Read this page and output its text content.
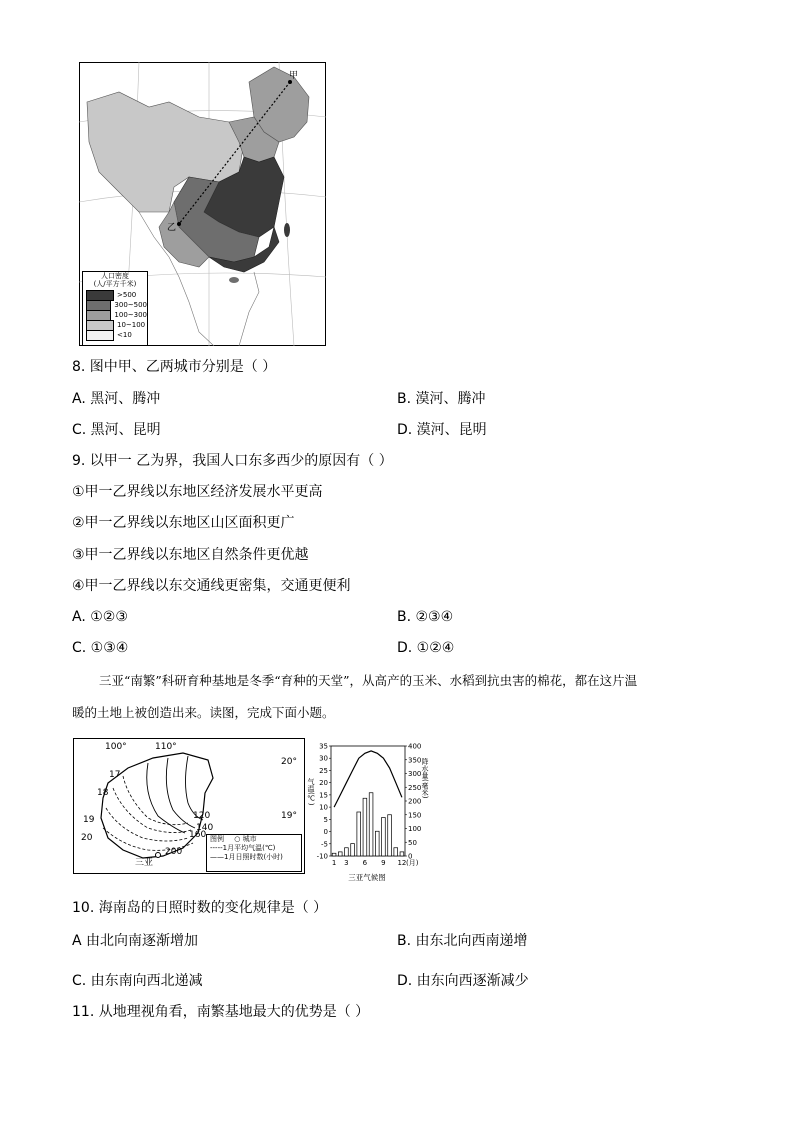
甲
乙
人口密度
(人/平方千米)
>500
300~500
100~300
10~100
<10
8. 图中甲、乙两城市分别是（ ）
A. 黑河、腾冲	B. 漠河、腾冲
C. 黑河、昆明	D. 漠河、昆明
9. 以甲一 乙为界，我国人口东多西少的原因有（ ）
①甲一乙界线以东地区经济发展水平更高
②甲一乙界线以东地区山区面积更广
③甲一乙界线以东地区自然条件更优越
④甲一乙界线以东交通线更密集，交通更便利
A. ①②③	B. ②③④
C. ①③④	D. ①②④
三亚“南繁”科研育种基地是冬季“育种的天堂”，从高产的玉米、水稻到抗虫害的棉花，都在这片温
暖的土地上被创造出来。读图，完成下面小题。
100°	110°
20°
19°
17
18
19
20
120
140
160
200
三亚
图例 ○ 城市
-----1月平均气温(℃)
——1月日照时数(小时)
35
30
25
20
15
10
5
0
-5
-10
400
350
300
250
200
150
100
50
0
1 3 6 9 12 (月)
气温(℃)	降水量(毫米)
三亚气候图
10. 海南岛的日照时数的变化规律是（ ）
A 由北向南逐渐增加	B. 由东北向西南递增
C. 由东南向西北递减	D. 由东向西逐渐减少
11. 从地理视角看，南繁基地最大的优势是（ ）
